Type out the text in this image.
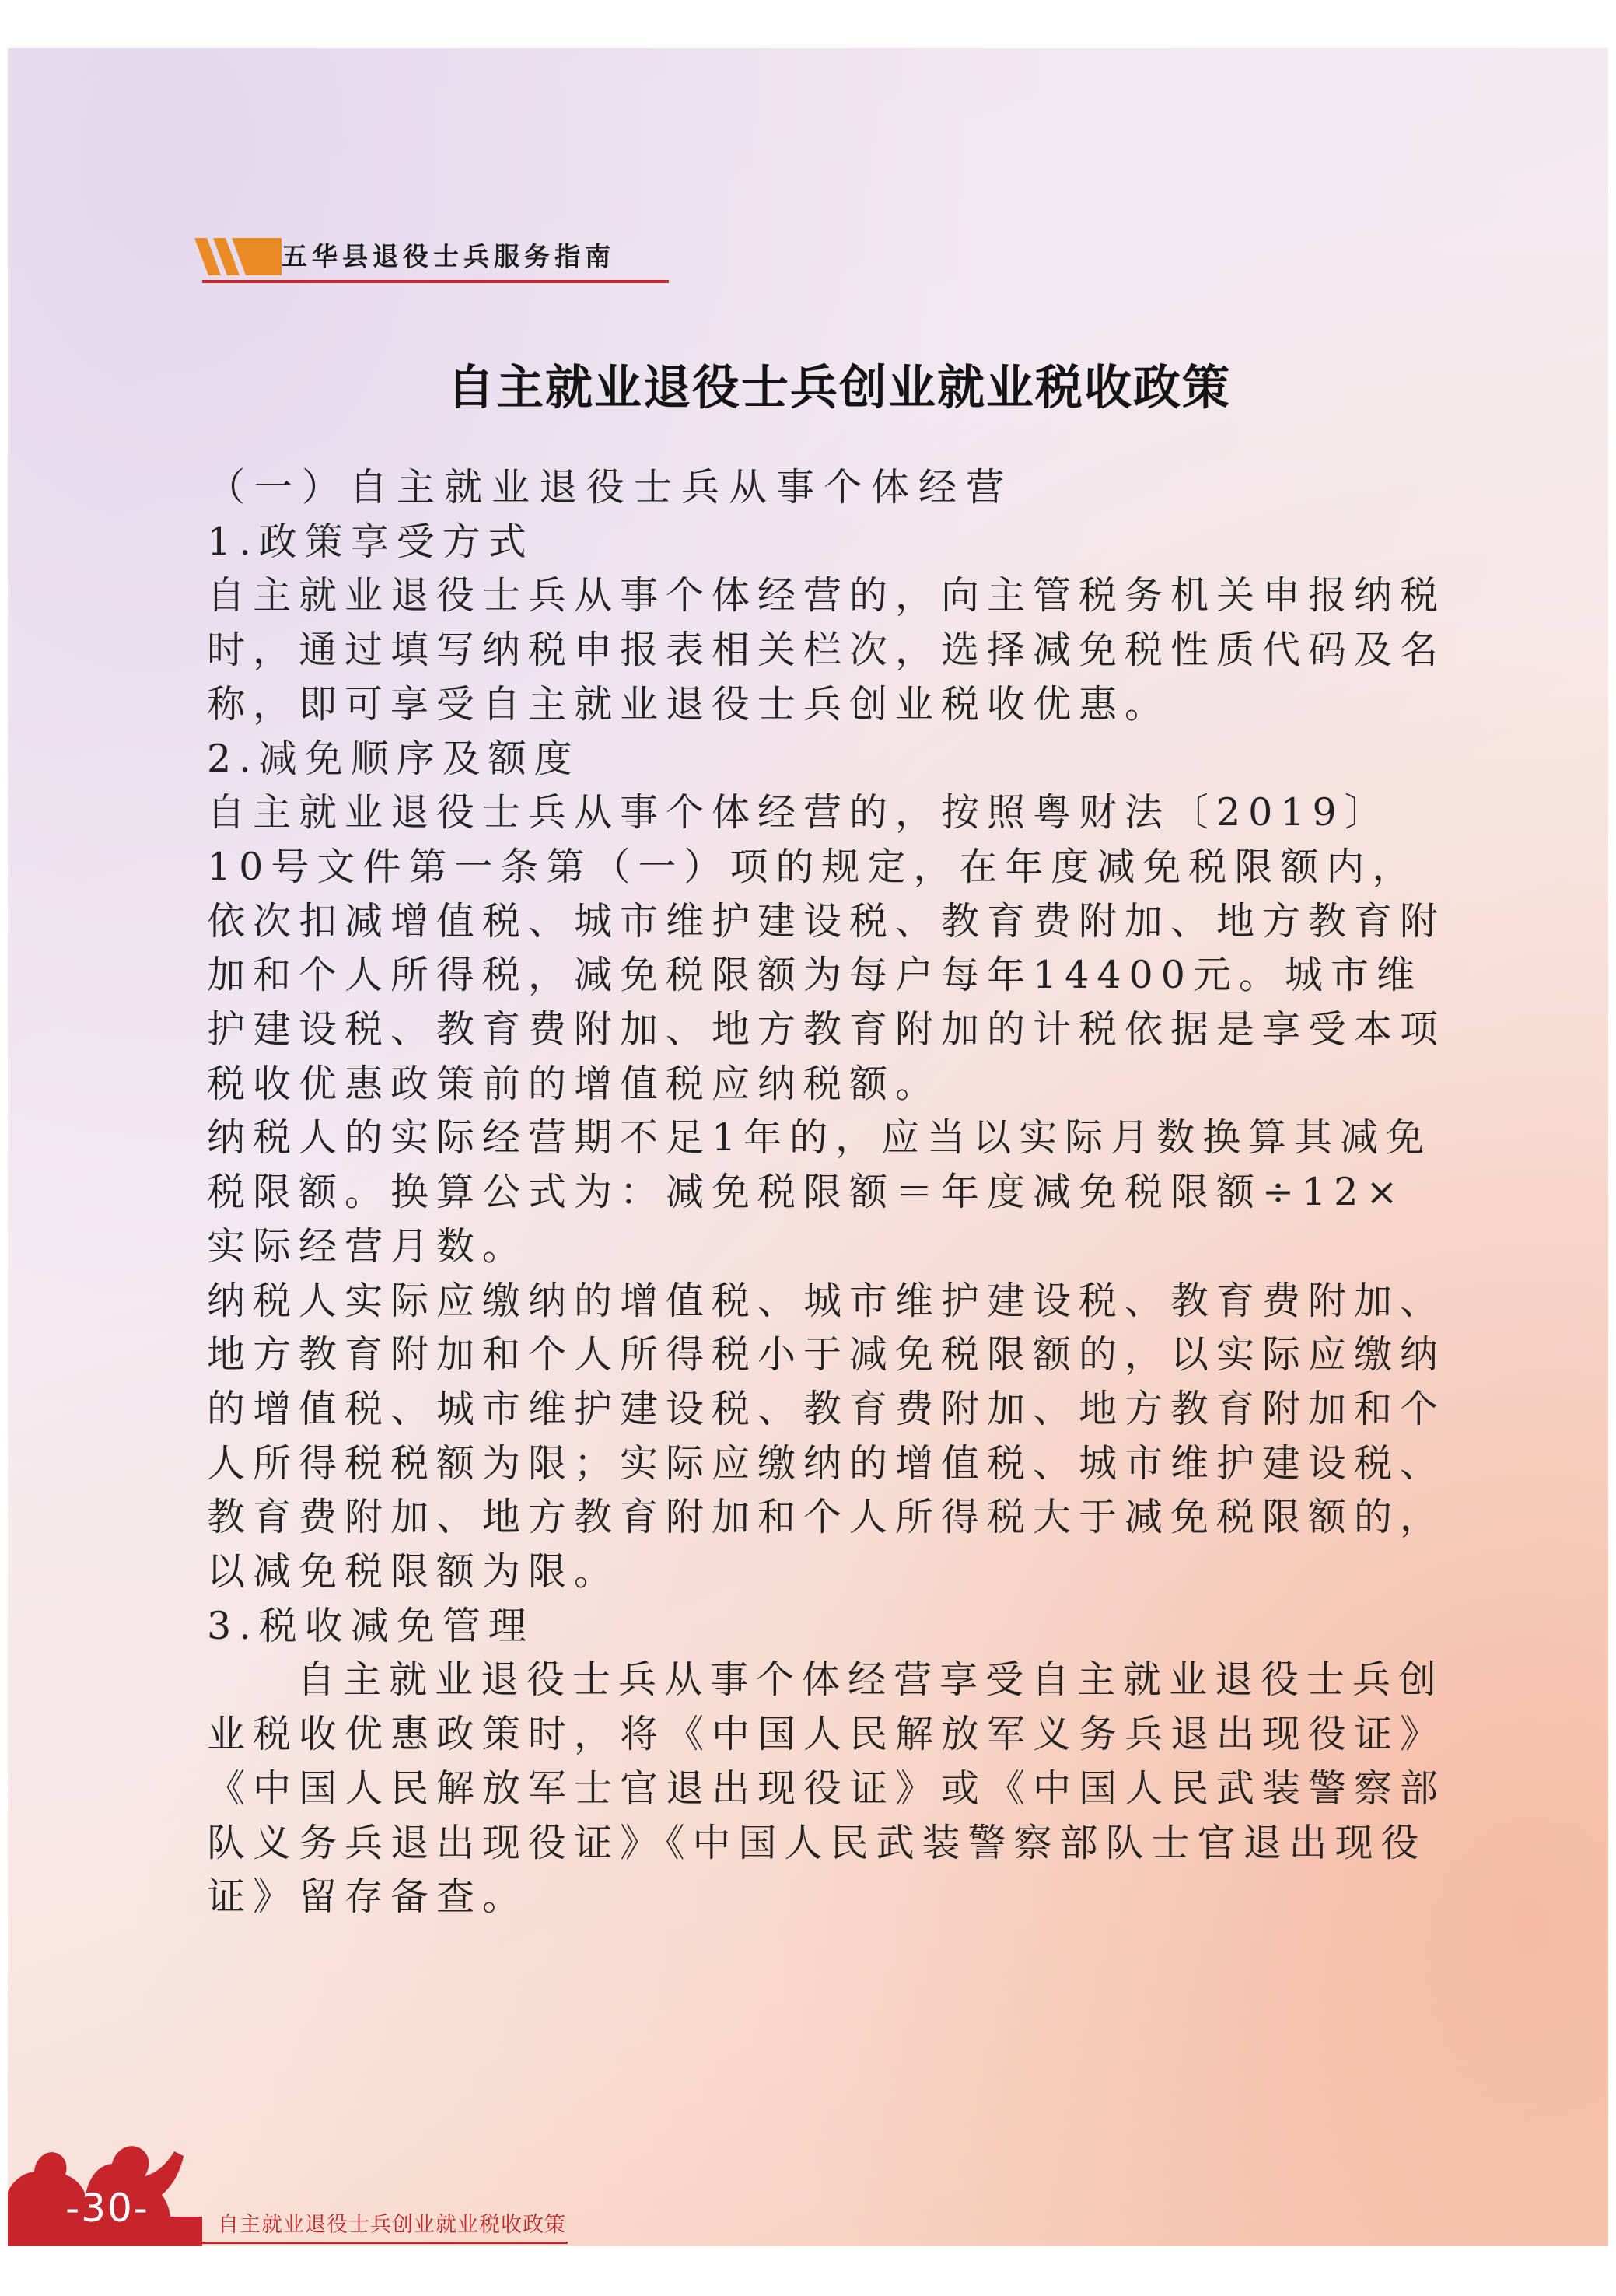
五华县退役士兵服务指南
自主就业退役士兵创业就业税收政策

（一）自主就业退役士兵从事个体经营

1.政策享受方式

自主就业退役士兵从事个体经营的，向主管税务机关申报纳税时，通过填写纳税申报表相关栏次，选择减免税性质代码及名称，即可享受自主就业退役士兵创业税收优惠。

2.减免顺序及额度

自主就业退役士兵从事个体经营的，按照粤财法〔2019〕10号文件第一条第（一）项的规定，在年度减免税限额内，依次扣减增值税、城市维护建设税、教育费附加、地方教育附加和个人所得税，减免税限额为每户每年14400元。城市维护建设税、教育费附加、地方教育附加的计税依据是享受本项税收优惠政策前的增值税应纳税额。

纳税人的实际经营期不足1年的，应当以实际月数换算其减免税限额。换算公式为：减免税限额＝年度减免税限额÷12×实际经营月数。

纳税人实际应缴纳的增值税、城市维护建设税、教育费附加、地方教育附加和个人所得税小于减免税限额的，以实际应缴纳的增值税、城市维护建设税、教育费附加、地方教育附加和个人所得税税额为限；实际应缴纳的增值税、城市维护建设税、教育费附加、地方教育附加和个人所得税大于减免税限额的，以减免税限额为限。

3.税收减免管理

自主就业退役士兵从事个体经营享受自主就业退役士兵创业税收优惠政策时，将《中国人民解放军义务兵退出现役证》《中国人民解放军士官退出现役证》或《中国人民武装警察部队义务兵退出现役证》《中国人民武装警察部队士官退出现役证》留存备查。

-30-	自主就业退役士兵创业就业税收政策
